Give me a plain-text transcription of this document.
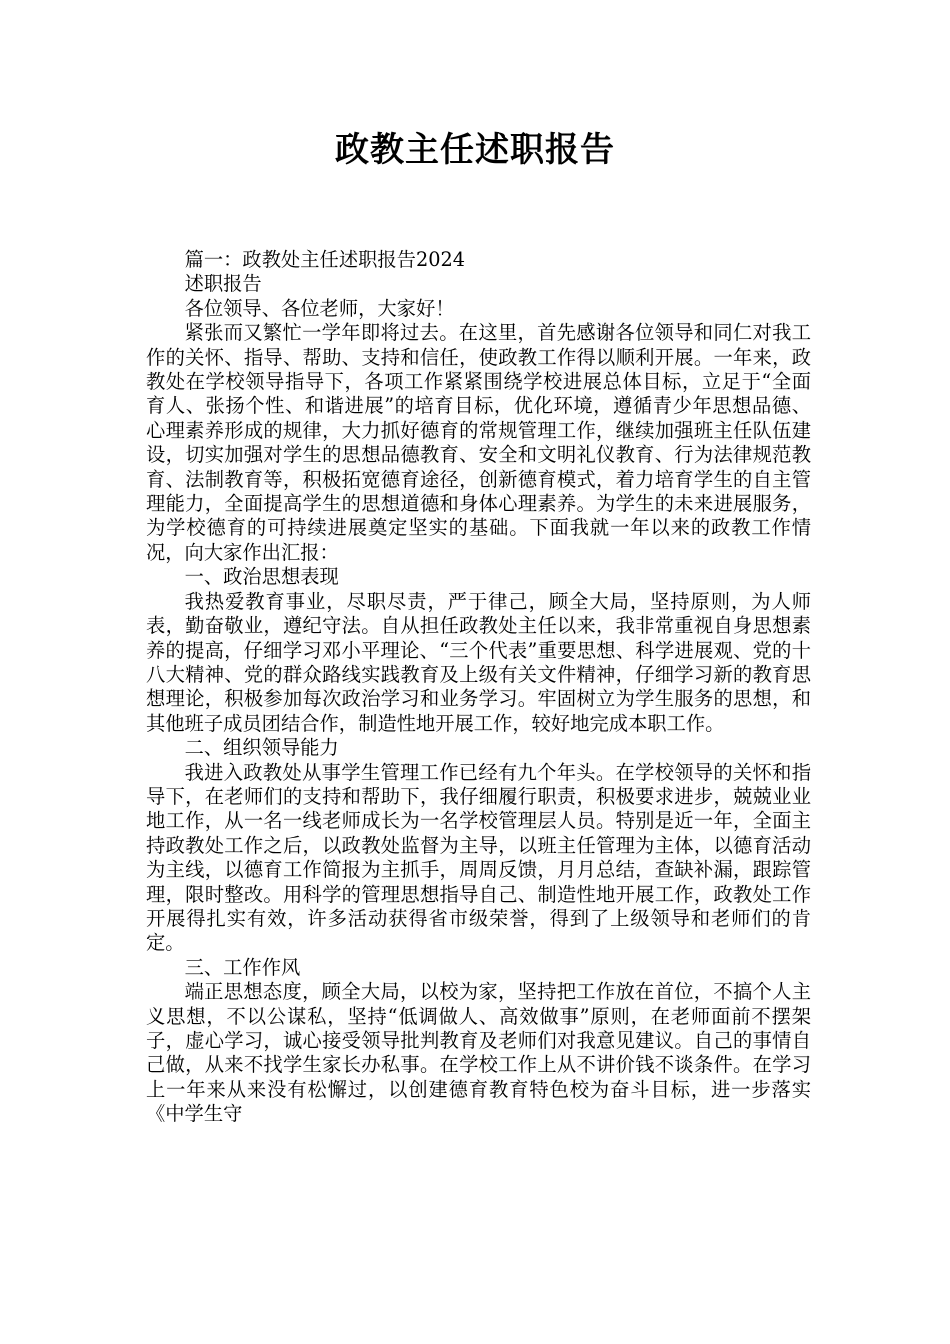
政教主任述职报告

篇一：政教处主任述职报告2024

述职报告

各位领导、各位老师，大家好！

紧张而又繁忙一学年即将过去。在这里，首先感谢各位领导和同仁对我工作的关怀、指导、帮助、支持和信任，使政教工作得以顺利开展。一年来，政教处在学校领导指导下，各项工作紧紧围绕学校进展总体目标，立足于“全面育人、张扬个性、和谐进展”的培育目标，优化环境，遵循青少年思想品德、心理素养形成的规律，大力抓好德育的常规管理工作，继续加强班主任队伍建设，切实加强对学生的思想品德教育、安全和文明礼仪教育、行为法律规范教育、法制教育等，积极拓宽德育途径，创新德育模式，着力培育学生的自主管理能力，全面提高学生的思想道德和身体心理素养。为学生的未来进展服务，为学校德育的可持续进展奠定坚实的基础。下面我就一年以来的政教工作情况，向大家作出汇报：

一、政治思想表现

我热爱教育事业，尽职尽责，严于律己，顾全大局，坚持原则，为人师表，勤奋敬业，遵纪守法。自从担任政教处主任以来，我非常重视自身思想素养的提高，仔细学习邓小平理论、“三个代表”重要思想、科学进展观、党的十八大精神、党的群众路线实践教育及上级有关文件精神，仔细学习新的教育思想理论，积极参加每次政治学习和业务学习。牢固树立为学生服务的思想，和其他班子成员团结合作，制造性地开展工作，较好地完成本职工作。

二、组织领导能力

我进入政教处从事学生管理工作已经有九个年头。在学校领导的关怀和指导下，在老师们的支持和帮助下，我仔细履行职责，积极要求进步，兢兢业业地工作，从一名一线老师成长为一名学校管理层人员。特别是近一年，全面主持政教处工作之后，以政教处监督为主导，以班主任管理为主体，以德育活动为主线，以德育工作简报为主抓手，周周反馈，月月总结，查缺补漏，跟踪管理，限时整改。用科学的管理思想指导自己、制造性地开展工作，政教处工作开展得扎实有效，许多活动获得省市级荣誉，得到了上级领导和老师们的肯定。

三、工作作风

端正思想态度，顾全大局，以校为家，坚持把工作放在首位，不搞个人主义思想，不以公谋私，坚持“低调做人、高效做事”原则，在老师面前不摆架子，虚心学习，诚心接受领导批判教育及老师们对我意见建议。自己的事情自己做，从来不找学生家长办私事。在学校工作上从不讲价钱不谈条件。在学习上一年来从来没有松懈过，以创建德育教育特色校为奋斗目标，进一步落实《中学生守
